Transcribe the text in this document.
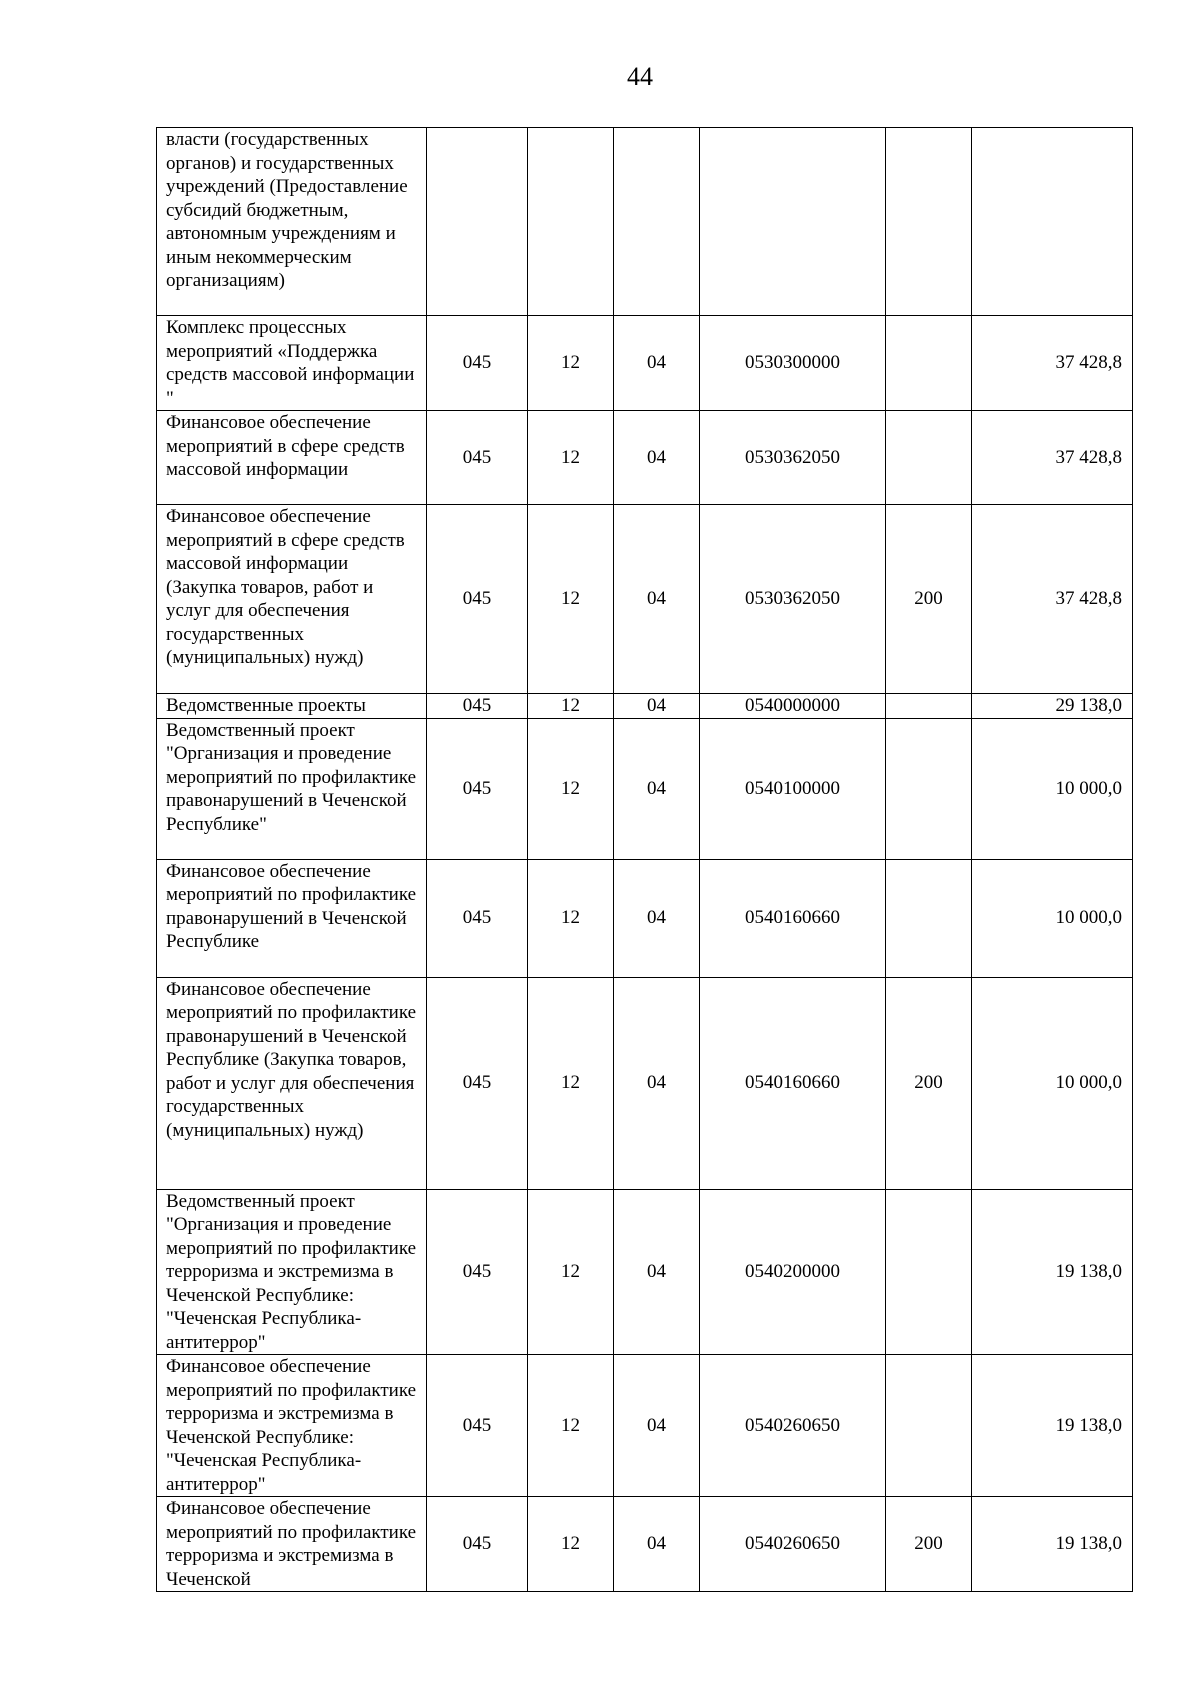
44
власти (государственных органов) и государственных учреждений (Предоставление субсидий бюджетным, автономным учреждениям и иным некоммерческим организациям)						
Комплекс процессных мероприятий «Поддержка средств массовой информации "	045	12	04	0530300000		37 428,8
Финансовое обеспечение мероприятий в сфере средств массовой информации	045	12	04	0530362050		37 428,8
Финансовое обеспечение мероприятий в сфере средств массовой информации (Закупка товаров, работ и услуг для обеспечения государственных (муниципальных) нужд)	045	12	04	0530362050	200	37 428,8
Ведомственные проекты	045	12	04	0540000000		29 138,0
Ведомственный проект "Организация и проведение мероприятий по профилактике правонарушений в Чеченской Республике"	045	12	04	0540100000		10 000,0
Финансовое обеспечение мероприятий по профилактике правонарушений в Чеченской Республике	045	12	04	0540160660		10 000,0
Финансовое обеспечение мероприятий по профилактике правонарушений в Чеченской Республике (Закупка товаров, работ и услуг для обеспечения государственных (муниципальных) нужд)	045	12	04	0540160660	200	10 000,0
Ведомственный проект "Организация и проведение мероприятий по профилактике терроризма и экстремизма в Чеченской Республике: "Чеченская Республика-антитеррор"	045	12	04	0540200000		19 138,0
Финансовое обеспечение мероприятий по профилактике терроризма и экстремизма в Чеченской Республике: "Чеченская Республика-антитеррор"	045	12	04	0540260650		19 138,0
Финансовое обеспечение мероприятий по профилактике терроризма и экстремизма в Чеченской	045	12	04	0540260650	200	19 138,0
